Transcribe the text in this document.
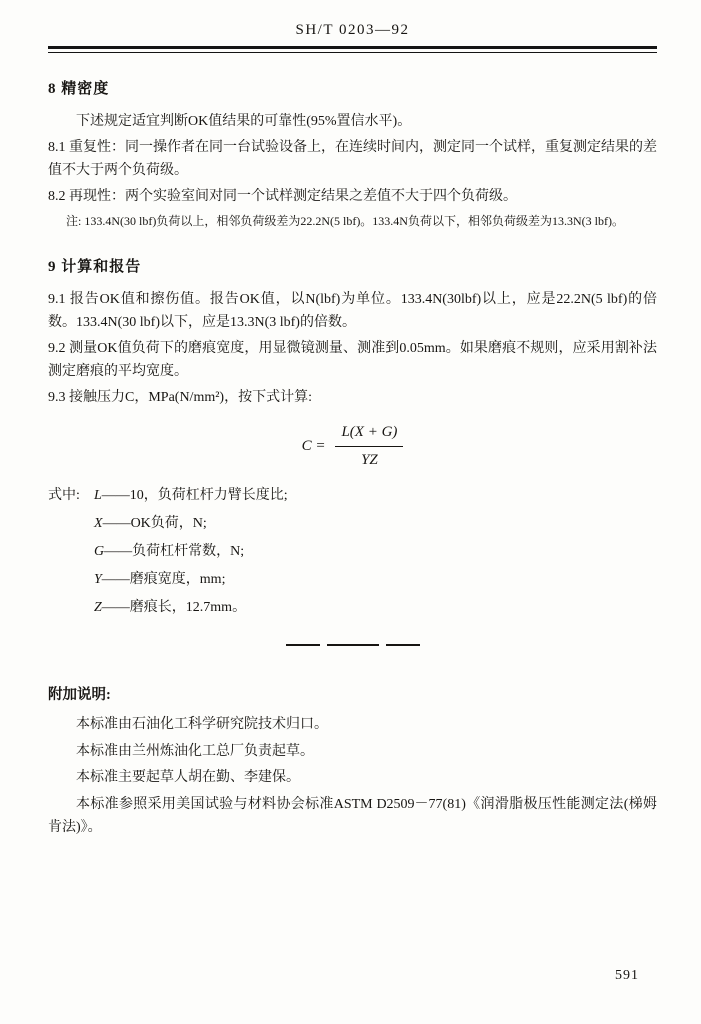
SH/T 0203—92
8 精密度
下述规定适宜判断OK值结果的可靠性(95%置信水平)。
8.1 重复性：同一操作者在同一台试验设备上，在连续时间内，测定同一个试样，重复测定结果的差值不大于两个负荷级。
8.2 再现性：两个实验室间对同一个试样测定结果之差值不大于四个负荷级。
注: 133.4N(30 lbf)负荷以上，相邻负荷级差为22.2N(5 lbf)。133.4N负荷以下，相邻负荷级差为13.3N(3 lbf)。
9 计算和报告
9.1 报告OK值和擦伤值。报告OK值，以N(lbf)为单位。133.4N(30lbf)以上，应是22.2N(5 lbf)的倍数。133.4N(30 lbf)以下，应是13.3N(3 lbf)的倍数。
9.2 测量OK值负荷下的磨痕宽度，用显微镜测量、测准到0.05mm。如果磨痕不规则，应采用割补法测定磨痕的平均宽度。
9.3 接触压力C，MPa(N/mm²)，按下式计算:
$C = \frac{L(X + G)}{YZ}$
式中:L——10，负荷杠杆力臂长度比;
X——OK负荷，N;
G——负荷杠杆常数，N;
Y——磨痕宽度，mm;
Z——磨痕长，12.7mm。
附加说明:
本标准由石油化工科学研究院技术归口。
本标准由兰州炼油化工总厂负责起草。
本标准主要起草人胡在勤、李建保。
本标准参照采用美国试验与材料协会标准ASTM D2509－77(81)《润滑脂极压性能测定法(梯姆肯法)》。
591
